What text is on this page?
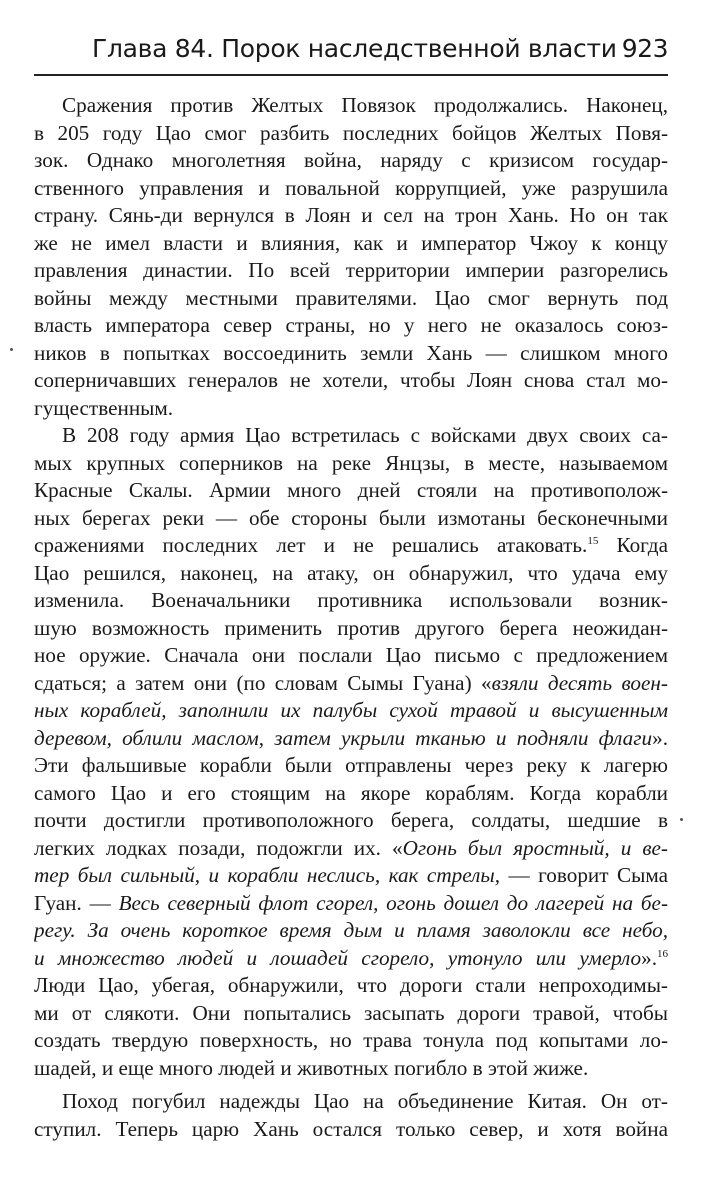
Глава 84. Порок наследственной власти 923
Сражения против Желтых Повязок продолжались. Наконец,
в 205 году Цао смог разбить последних бойцов Желтых Повя-
зок. Однако многолетняя война, наряду с кризисом государ-
ственного управления и повальной коррупцией, уже разрушила
страну. Сянь-ди вернулся в Лоян и сел на трон Хань. Но он так
же не имел власти и влияния, как и император Чжоу к концу
правления династии. По всей территории империи разгорелись
войны между местными правителями. Цао смог вернуть под
власть императора север страны, но у него не оказалось союз-
ников в попытках воссоединить земли Хань — слишком много
соперничавших генералов не хотели, чтобы Лоян снова стал мо-
гущественным.
В 208 году армия Цао встретилась с войсками двух своих са-
мых крупных соперников на реке Янцзы, в месте, называемом
Красные Скалы. Армии много дней стояли на противополож-
ных берегах реки — обе стороны были измотаны бесконечными
сражениями последних лет и не решались атаковать.$^{15}$ Когда
Цао решился, наконец, на атаку, он обнаружил, что удача ему
изменила. Военачальники противника использовали возник-
шую возможность применить против другого берега неожидан-
ное оружие. Сначала они послали Цао письмо с предложением
сдаться; а затем они (по словам Сымы Гуана) «взяли десять воен-
ных кораблей, заполнили их палубы сухой травой и высушенным
деревом, облили маслом, затем укрыли тканью и подняли флаги».
Эти фальшивые корабли были отправлены через реку к лагерю
самого Цао и его стоящим на якоре кораблям. Когда корабли
почти достигли противоположного берега, солдаты, шедшие в
легких лодках позади, подожгли их. «Огонь был яростный, и ве-
тер был сильный, и корабли неслись, как стрелы, — говорит Сыма
Гуан. — Весь северный флот сгорел, огонь дошел до лагерей на бе-
регу. За очень короткое время дым и пламя заволокли все небо,
и множество людей и лошадей сгорело, утонуло или умерло».$^{16}$
Люди Цао, убегая, обнаружили, что дороги стали непроходимы-
ми от слякоти. Они попытались засыпать дороги травой, чтобы
создать твердую поверхность, но трава тонула под копытами ло-
шадей, и еще много людей и животных погибло в этой жиже.
Поход погубил надежды Цао на объединение Китая. Он от-
ступил. Теперь царю Хань остался только север, и хотя война
